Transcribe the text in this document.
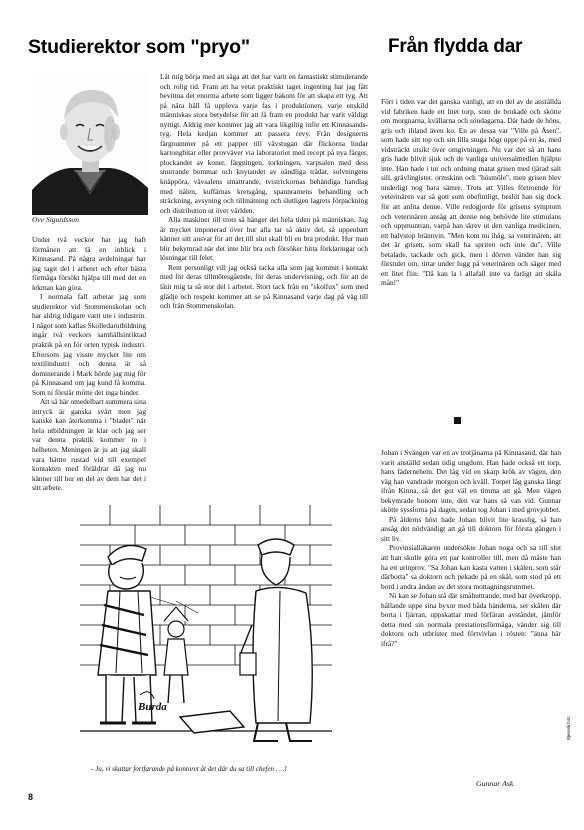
Studierektor som "pryo"	Från flydda dar
Ove Sigurdsson

Under två veckor har jag haft förmånen att få en inblick i Kinnasand. På några avdelningar har jag tagit del i arbetet och efter bästa förmåga försökt hjälpa till med det en lekman kan göra.

I normala fall arbetar jag som studierektor vid Stommenskolan och har aldrig tidigare varit ute i industrin. I något som kallas Skolledarutbildning ingår två veckors samhällsinriktad praktik på en för orten typisk industri. Eftersom jag visste mycket lite om textilindustri och denna är så dominerande i Mark hörde jag mig för på Kinnasand om jag kund få komma. Som ni förstår mötte det inga hinder.

Att så här omedelbart summera sina intryck är ganska svårt men jag kanske kan återkomma i "bladet" när hela utbildningen är klar och jag ser var denna praktik kommer in i helheten. Meningen är ju att jag skall vara bättre rustad vid till exempel kontakten med föräldrar då jag nu känner till hur en del av dem har det i sitt arbete.

Låt mig börja med att säga att det har varit en fantastiskt stimulerande och rolig tid. Fram att ha vetat praktiskt taget ingenting har jag fått bevittna det enorma arbete som ligger bakom för att skapa ett tyg. Att på nära håll få uppleva varje fas i produktionen, varje enskild människas stora betydelse för att få fram en produkt har varit väldigt nyttigt. Aldrig mer kommer jag att vara likgiltig inför ett Kinnasands-tyg. Hela kedjan kommer att passera revy. Från designerns färgnummer på ett papper till vävstugan där flickorna lindar kartongbitar eller provväver via laboratoriet med recept på nya färger, plockandet av koner, färgningen, torkningen, varpsalen med dess snurrande bommar och knytandet av oändliga trådar, solvningens knäppöra, vävsalens smattrande, tvistrickornas behändiga handlag med nålen, kuffärnas kretsgång, spannramens behandling och sträckning, avsyning och tillmätning och slutligen lagrets förpackning och distribution ut över världen.

Alla maskiner till trots så hänger det hela tiden på människan. Jag är mycket imponerad över hur alla tar så aktiv del, så uppenbart känner sitt ansvar för att det till slut skall bli en bra produkt. Hur man blir bekymrad när det inte blir bra och försöker hitta förklaringar och lösningar till felet.

Rent personligt vill jag också tacka alla som jag kommit i kontakt med för deras tillmötesgående, för deras undervisning, och för att de låtit mig ta så stor del i arbetet. Stort tack från en "skolfux" som med glädje och respekt kommer att se på Kinnasand varje dag på väg till och från Stommenskolan.

Förr i tiden var det ganska vanligt, att en del av de anställda vid fabriken hade ett litet torp, som de brukade och skötte om morgnarna, kvällarna och söndagarna. Där hade de höns, gris och ibland även ko. En av dessa var "Ville på Åsen", som hade sitt top och sin lilla stuga högt uppe på en ås, med vidsträckt utsikt över omgivningen. Nu var det så att hans gris hade blivit sjuk och de vanliga universalmedlen hjälpte inte. Han hade i tur och ordning matat grisen med tjärad salt sill, grävlingister, ormskinn och "hösmöle", men grisen blev underligt nog bara sämre. Trots att Villes förtroende för veterinären var så gott som obefintligt, beslöt han sig dock för att anlita denne. Ville redogjorde för grisens symptom och veterinären ansåg att denne nog behövde lite stimulans och uppmuntran, varpå han skrev ut den vanliga medicinen, ett halvstop brännvin. "Men kom nu ihåg, sa veterinären, att det är grisen, som skall ha spriten och inte du". Ville betalade, tackade och gick, men i dörren vänder han sig förstulet om, tittar under lugg på veterinären och säger med ett litet flin: "Då kan la i allafall inte va farligt att skåla mån!"

Johan i Svängen var en av trotjänarna på Kinnasand, där han varit anställd sedan tidig ungdom. Han hade också ett torp, hans fädernehem. Det låg vid en skarp krök av vägen, den väg han vandrade morgon och kväll. Torpet låg ganska långt ifrån Kinna, så det got väl en timma att gå. Men vägen bekymrade honom inte, den var hans så van vid. Gunnar skötte sysslorna på dagen, sedan tog Johan i med grovjobbet.

På ålderns höst hade Johan blivit lite krasslig, så han ansåg det nödvändigt att gå till doktorn för första gången i sitt liv.

Provinsialläkaren undersökte Johan noga och sa till slut att han skulle göra ett par kontroller till, men då måste han ha ett urinprov. "Sa Johan kan kasta vatten i skålen, som står därborta" sa doktorn och pekade på en skål, som stod på ett bord i andra ändan av det stora mottagningsrummet.

Ni kan se Johan stå där småhuttrande, med bar överkropp, hållande uppe sina byxor med båda händerna, ser skålen där borta i fjärran, uppskattar med förfäran avståndet, jämför detta med sin normala prestationsförmåga, vänder sig till doktorn och utbrister med förtvivlan i rösten: "änna här ifrå?"

Burda
– Ja, vi skattar fortfarande på kontoret åt det där du sa till chefen . . .!
Gunnar Ask
8
Bjerrelii foto
